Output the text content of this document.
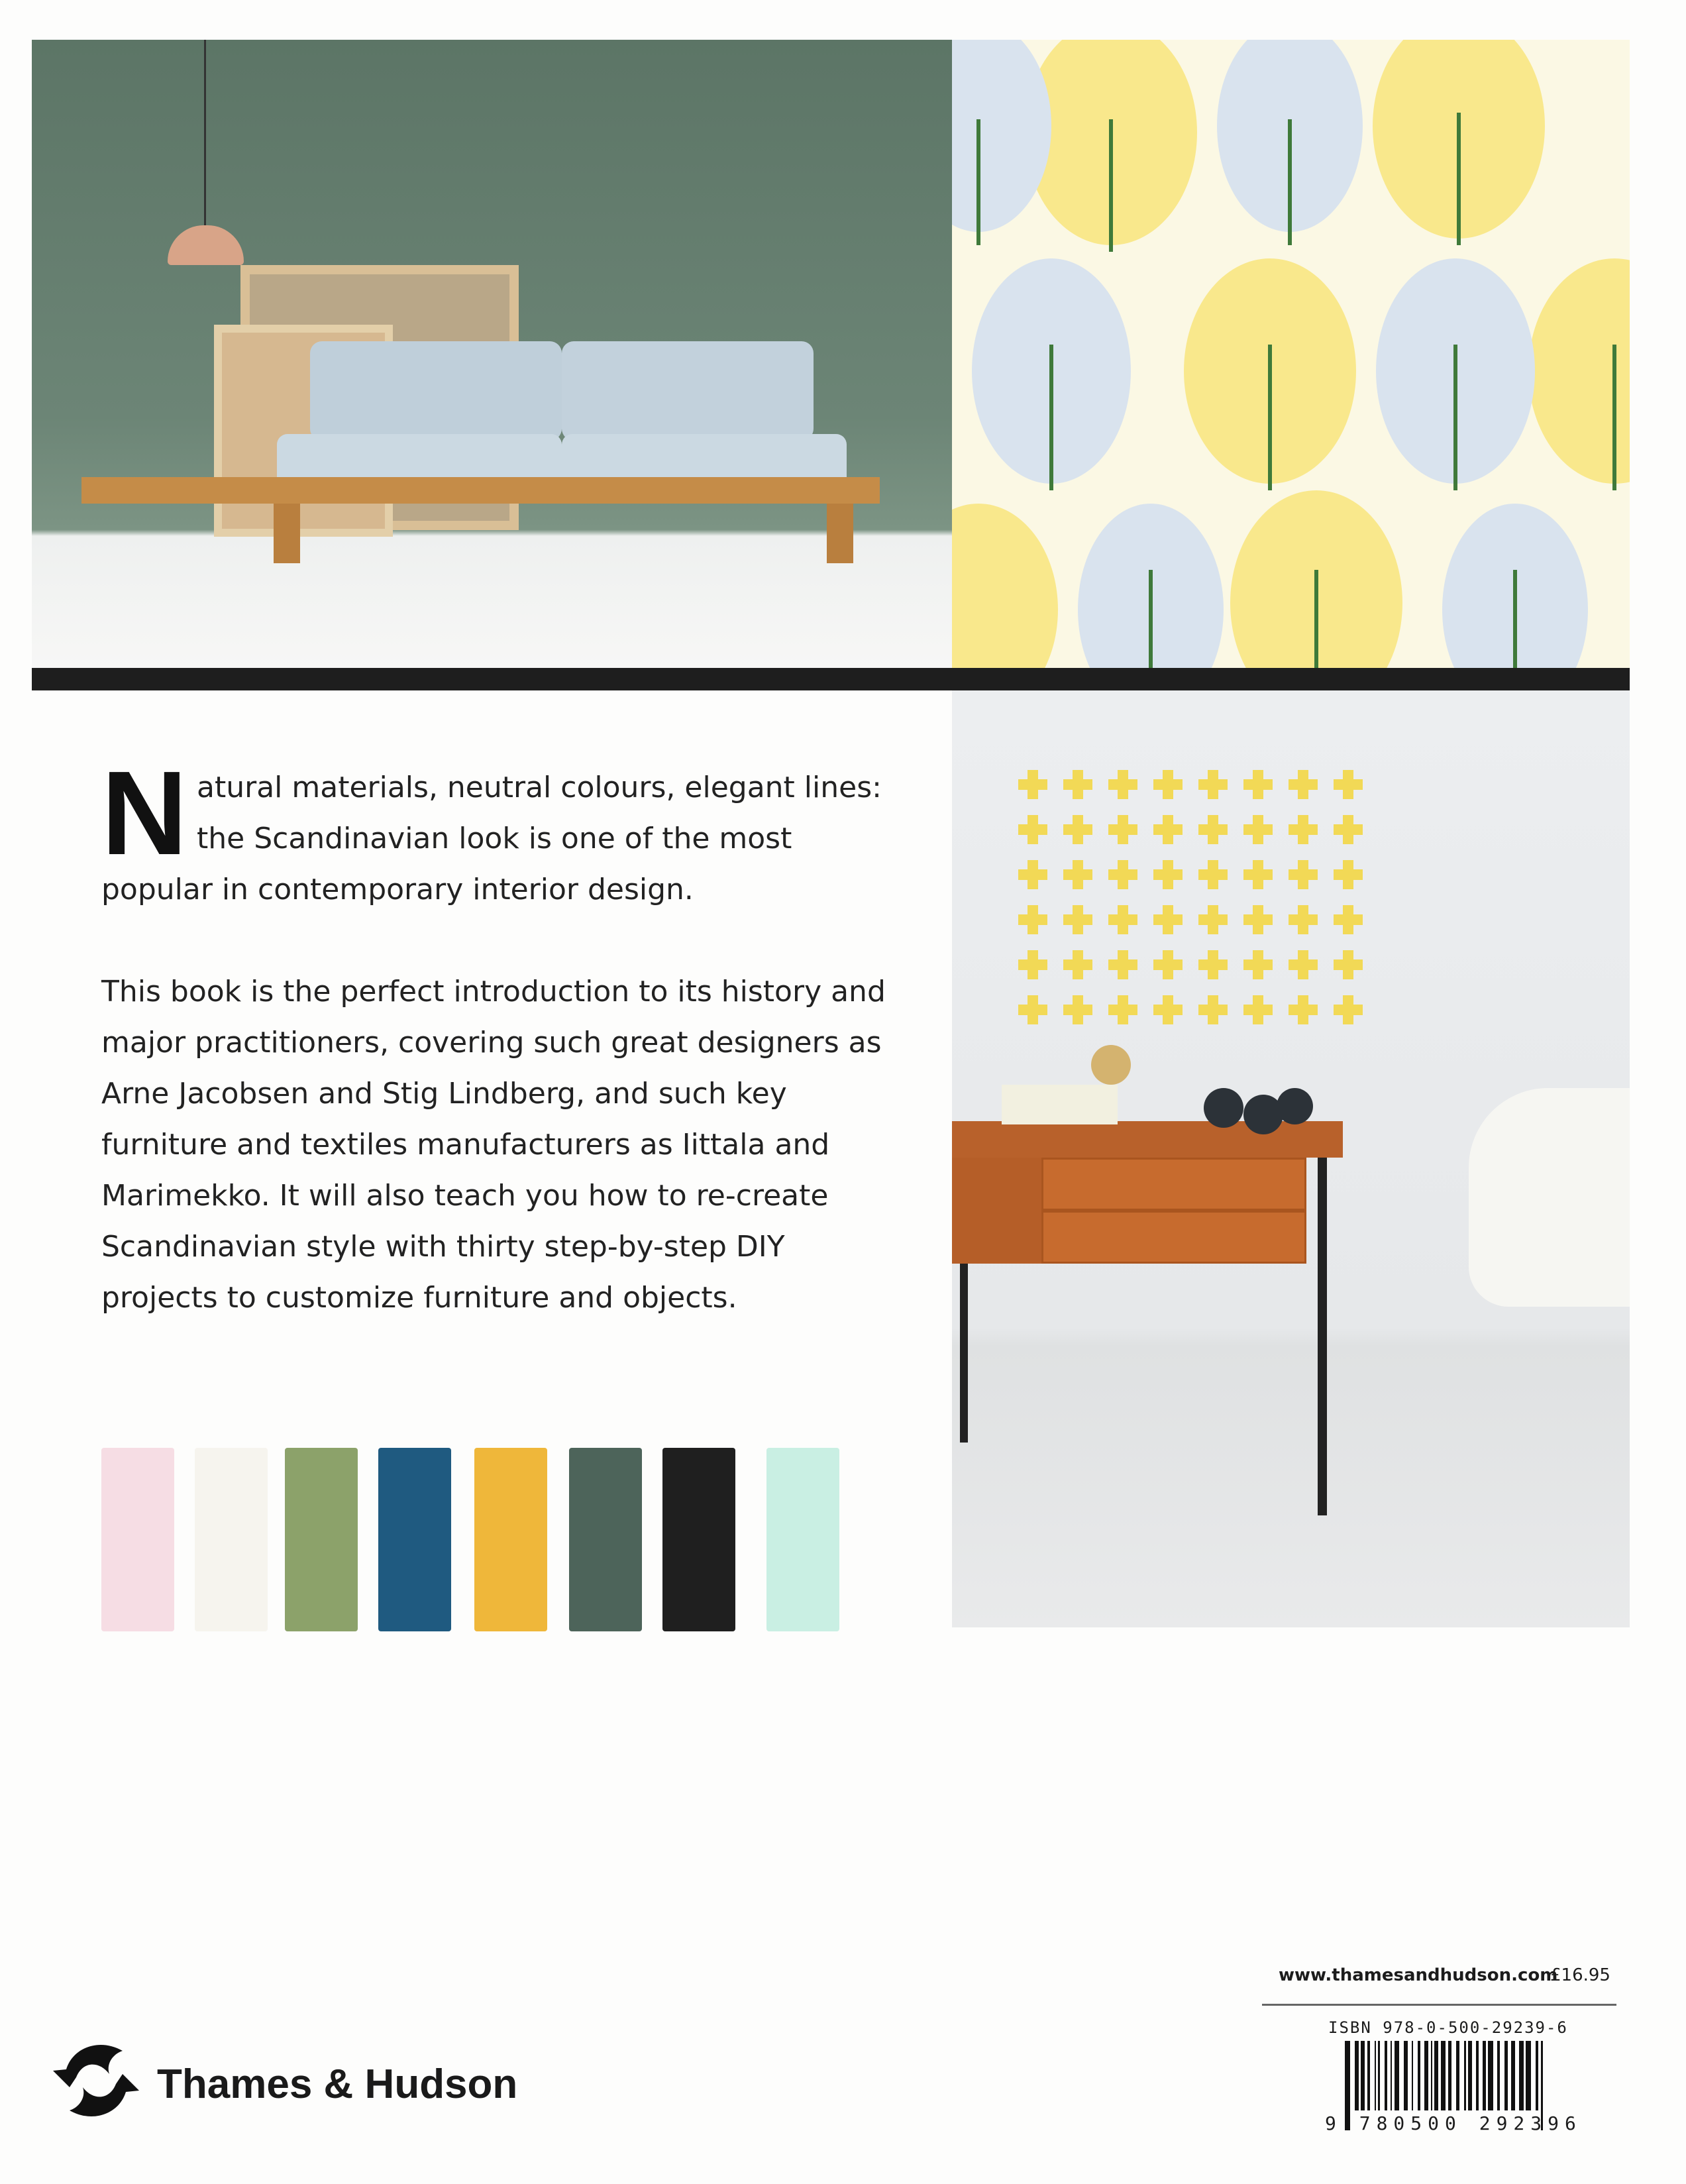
Natural materials, neutral colours, elegant lines: the Scandinavian look is one of the most popular in contemporary interior design.

This book is the perfect introduction to its history and major practitioners, covering such great designers as Arne Jacobsen and Stig Lindberg, and such key furniture and textiles manufacturers as Iittala and Marimekko. It will also teach you how to re-create Scandinavian style with thirty step-by-step DIY projects to customize furniture and objects.

www.thamesandhudson.com
£16.95
ISBN 978-0-500-29239-6
9 780500 292396
Thames & Hudson
